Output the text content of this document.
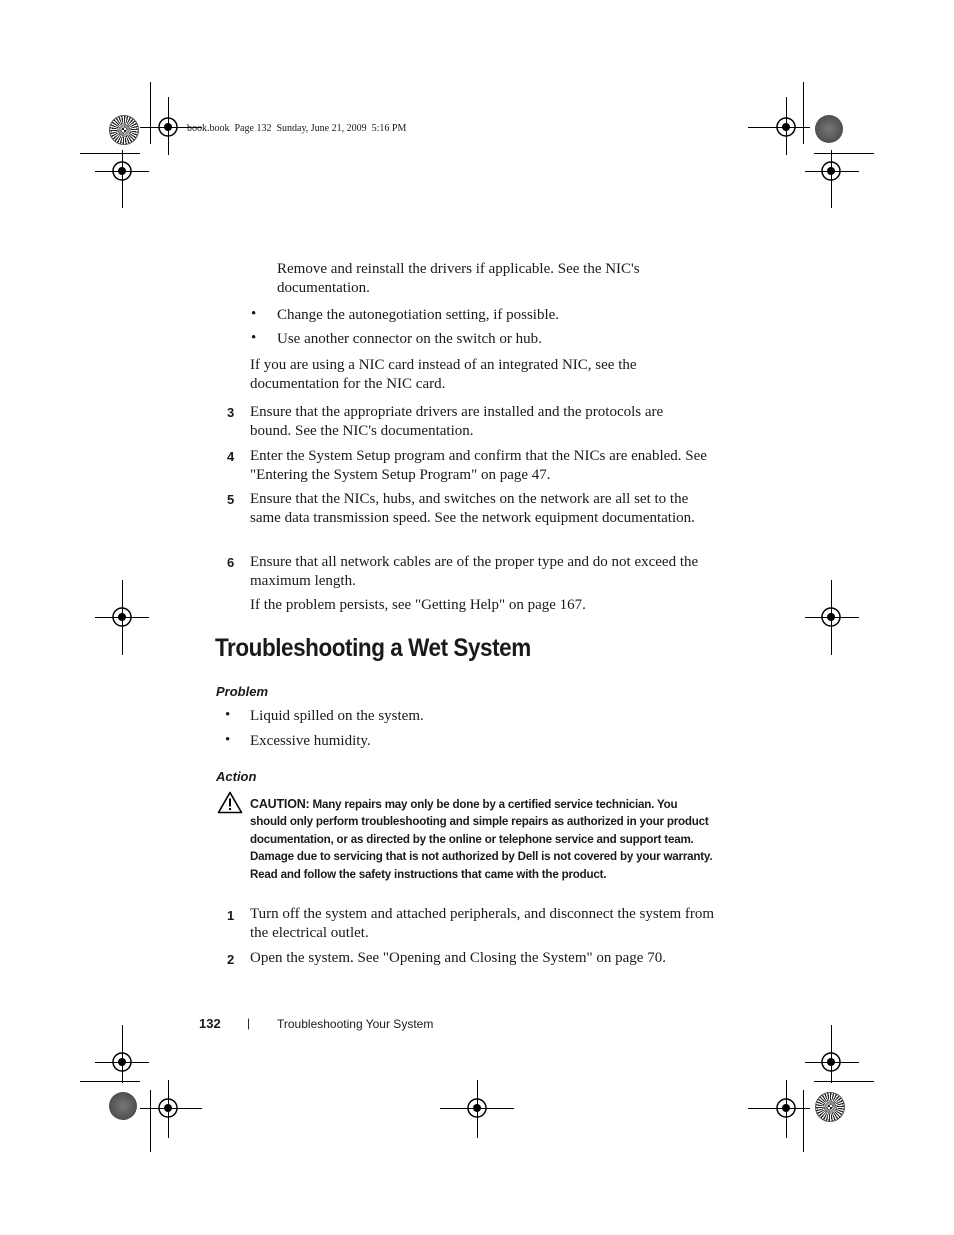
book.book  Page 132  Sunday, June 21, 2009  5:16 PM
Remove and reinstall the drivers if applicable. See the NIC's documentation.
• Change the autonegotiation setting, if possible.
• Use another connector on the switch or hub.
If you are using a NIC card instead of an integrated NIC, see the documentation for the NIC card.
3 Ensure that the appropriate drivers are installed and the protocols are bound. See the NIC's documentation.
4 Enter the System Setup program and confirm that the NICs are enabled. See "Entering the System Setup Program" on page 47.
5 Ensure that the NICs, hubs, and switches on the network are all set to the same data transmission speed. See the network equipment documentation.
6 Ensure that all network cables are of the proper type and do not exceed the maximum length.
If the problem persists, see "Getting Help" on page 167.
Troubleshooting a Wet System
Problem
• Liquid spilled on the system.
• Excessive humidity.
Action
CAUTION: Many repairs may only be done by a certified service technician. You should only perform troubleshooting and simple repairs as authorized in your product documentation, or as directed by the online or telephone service and support team. Damage due to servicing that is not authorized by Dell is not covered by your warranty. Read and follow the safety instructions that came with the product.
1 Turn off the system and attached peripherals, and disconnect the system from the electrical outlet.
2 Open the system. See "Opening and Closing the System" on page 70.
132 | Troubleshooting Your System
